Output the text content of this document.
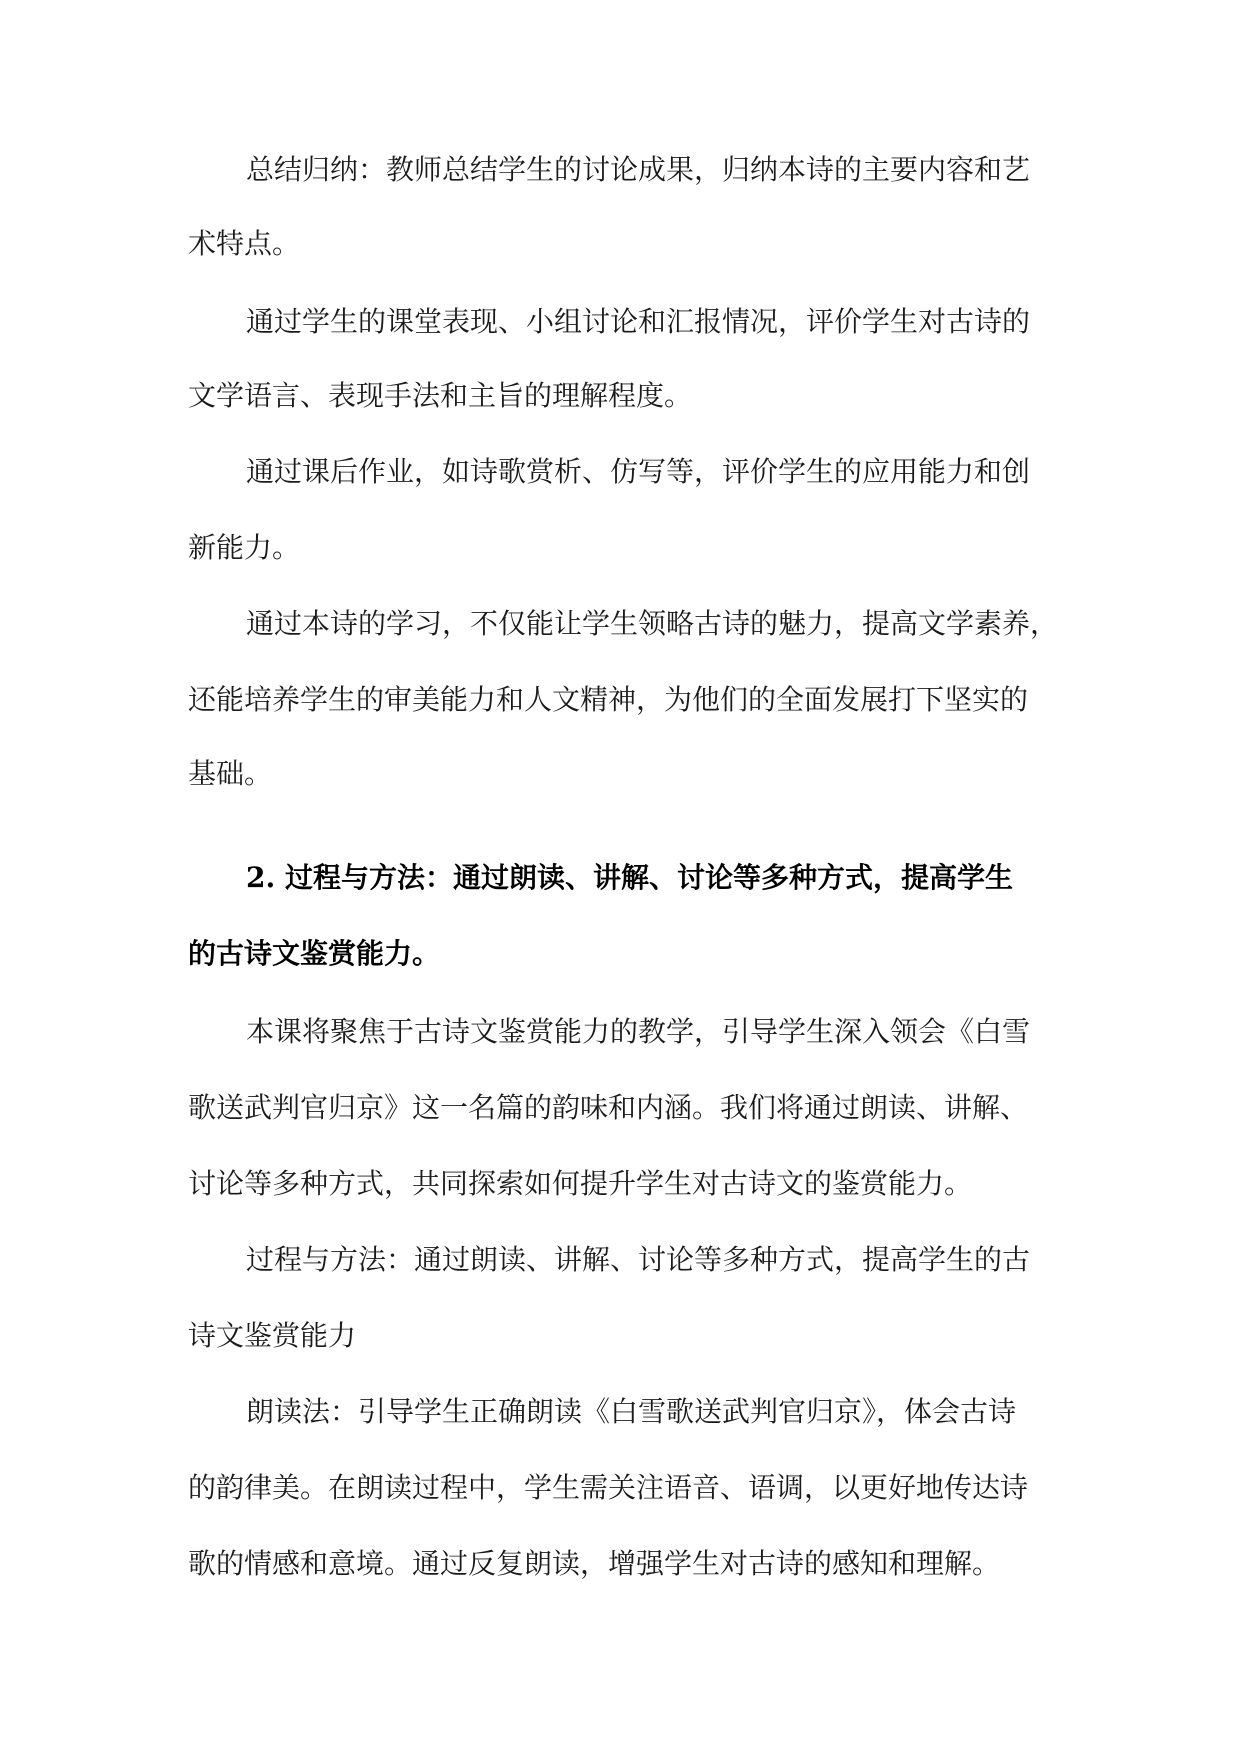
总结归纳：教师总结学生的讨论成果，归纳本诗的主要内容和艺

术特点。

通过学生的课堂表现、小组讨论和汇报情况，评价学生对古诗的

文学语言、表现手法和主旨的理解程度。

通过课后作业，如诗歌赏析、仿写等，评价学生的应用能力和创

新能力。

通过本诗的学习，不仅能让学生领略古诗的魅力，提高文学素养，

还能培养学生的审美能力和人文精神，为他们的全面发展打下坚实的

基础。

2. 过程与方法：通过朗读、讲解、讨论等多种方式，提高学生

的古诗文鉴赏能力。

本课将聚焦于古诗文鉴赏能力的教学，引导学生深入领会《白雪

歌送武判官归京》这一名篇的韵味和内涵。我们将通过朗读、讲解、

讨论等多种方式，共同探索如何提升学生对古诗文的鉴赏能力。

过程与方法：通过朗读、讲解、讨论等多种方式，提高学生的古

诗文鉴赏能力

朗读法：引导学生正确朗读《白雪歌送武判官归京》，体会古诗

的韵律美。在朗读过程中，学生需关注语音、语调，以更好地传达诗

歌的情感和意境。通过反复朗读，增强学生对古诗的感知和理解。
